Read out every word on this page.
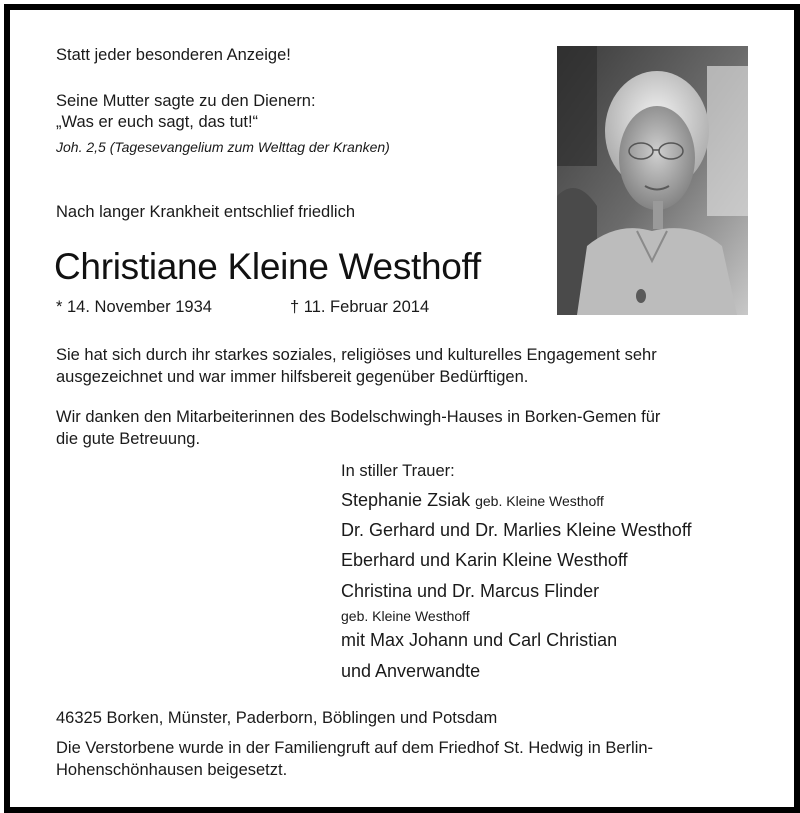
Statt jeder besonderen Anzeige!

Seine Mutter sagte zu den Dienern:

„Was er euch sagt, das tut!“

Joh. 2,5 (Tagesevangelium zum Welttag der Kranken)

Nach langer Krankheit entschlief friedlich

Christiane Kleine Westhoff

* 14. November 1934	† 11. Februar 2014

Sie hat sich durch ihr starkes soziales, religiöses und kulturelles Engagement sehr

ausgezeichnet und war immer hilfsbereit gegenüber Bedürftigen.

Wir danken den Mitarbeiterinnen des Bodelschwingh-Hauses in Borken-Gemen für

die gute Betreuung.

In stiller Trauer:

Stephanie Zsiak geb. Kleine Westhoff

Dr. Gerhard und Dr. Marlies Kleine Westhoff

Eberhard und Karin Kleine Westhoff

Christina und Dr. Marcus Flinder

geb. Kleine Westhoff

mit Max Johann und Carl Christian

und Anverwandte

46325 Borken, Münster, Paderborn, Böblingen und Potsdam

Die Verstorbene wurde in der Familiengruft auf dem Friedhof St. Hedwig in Berlin-

Hohenschönhausen beigesetzt.
